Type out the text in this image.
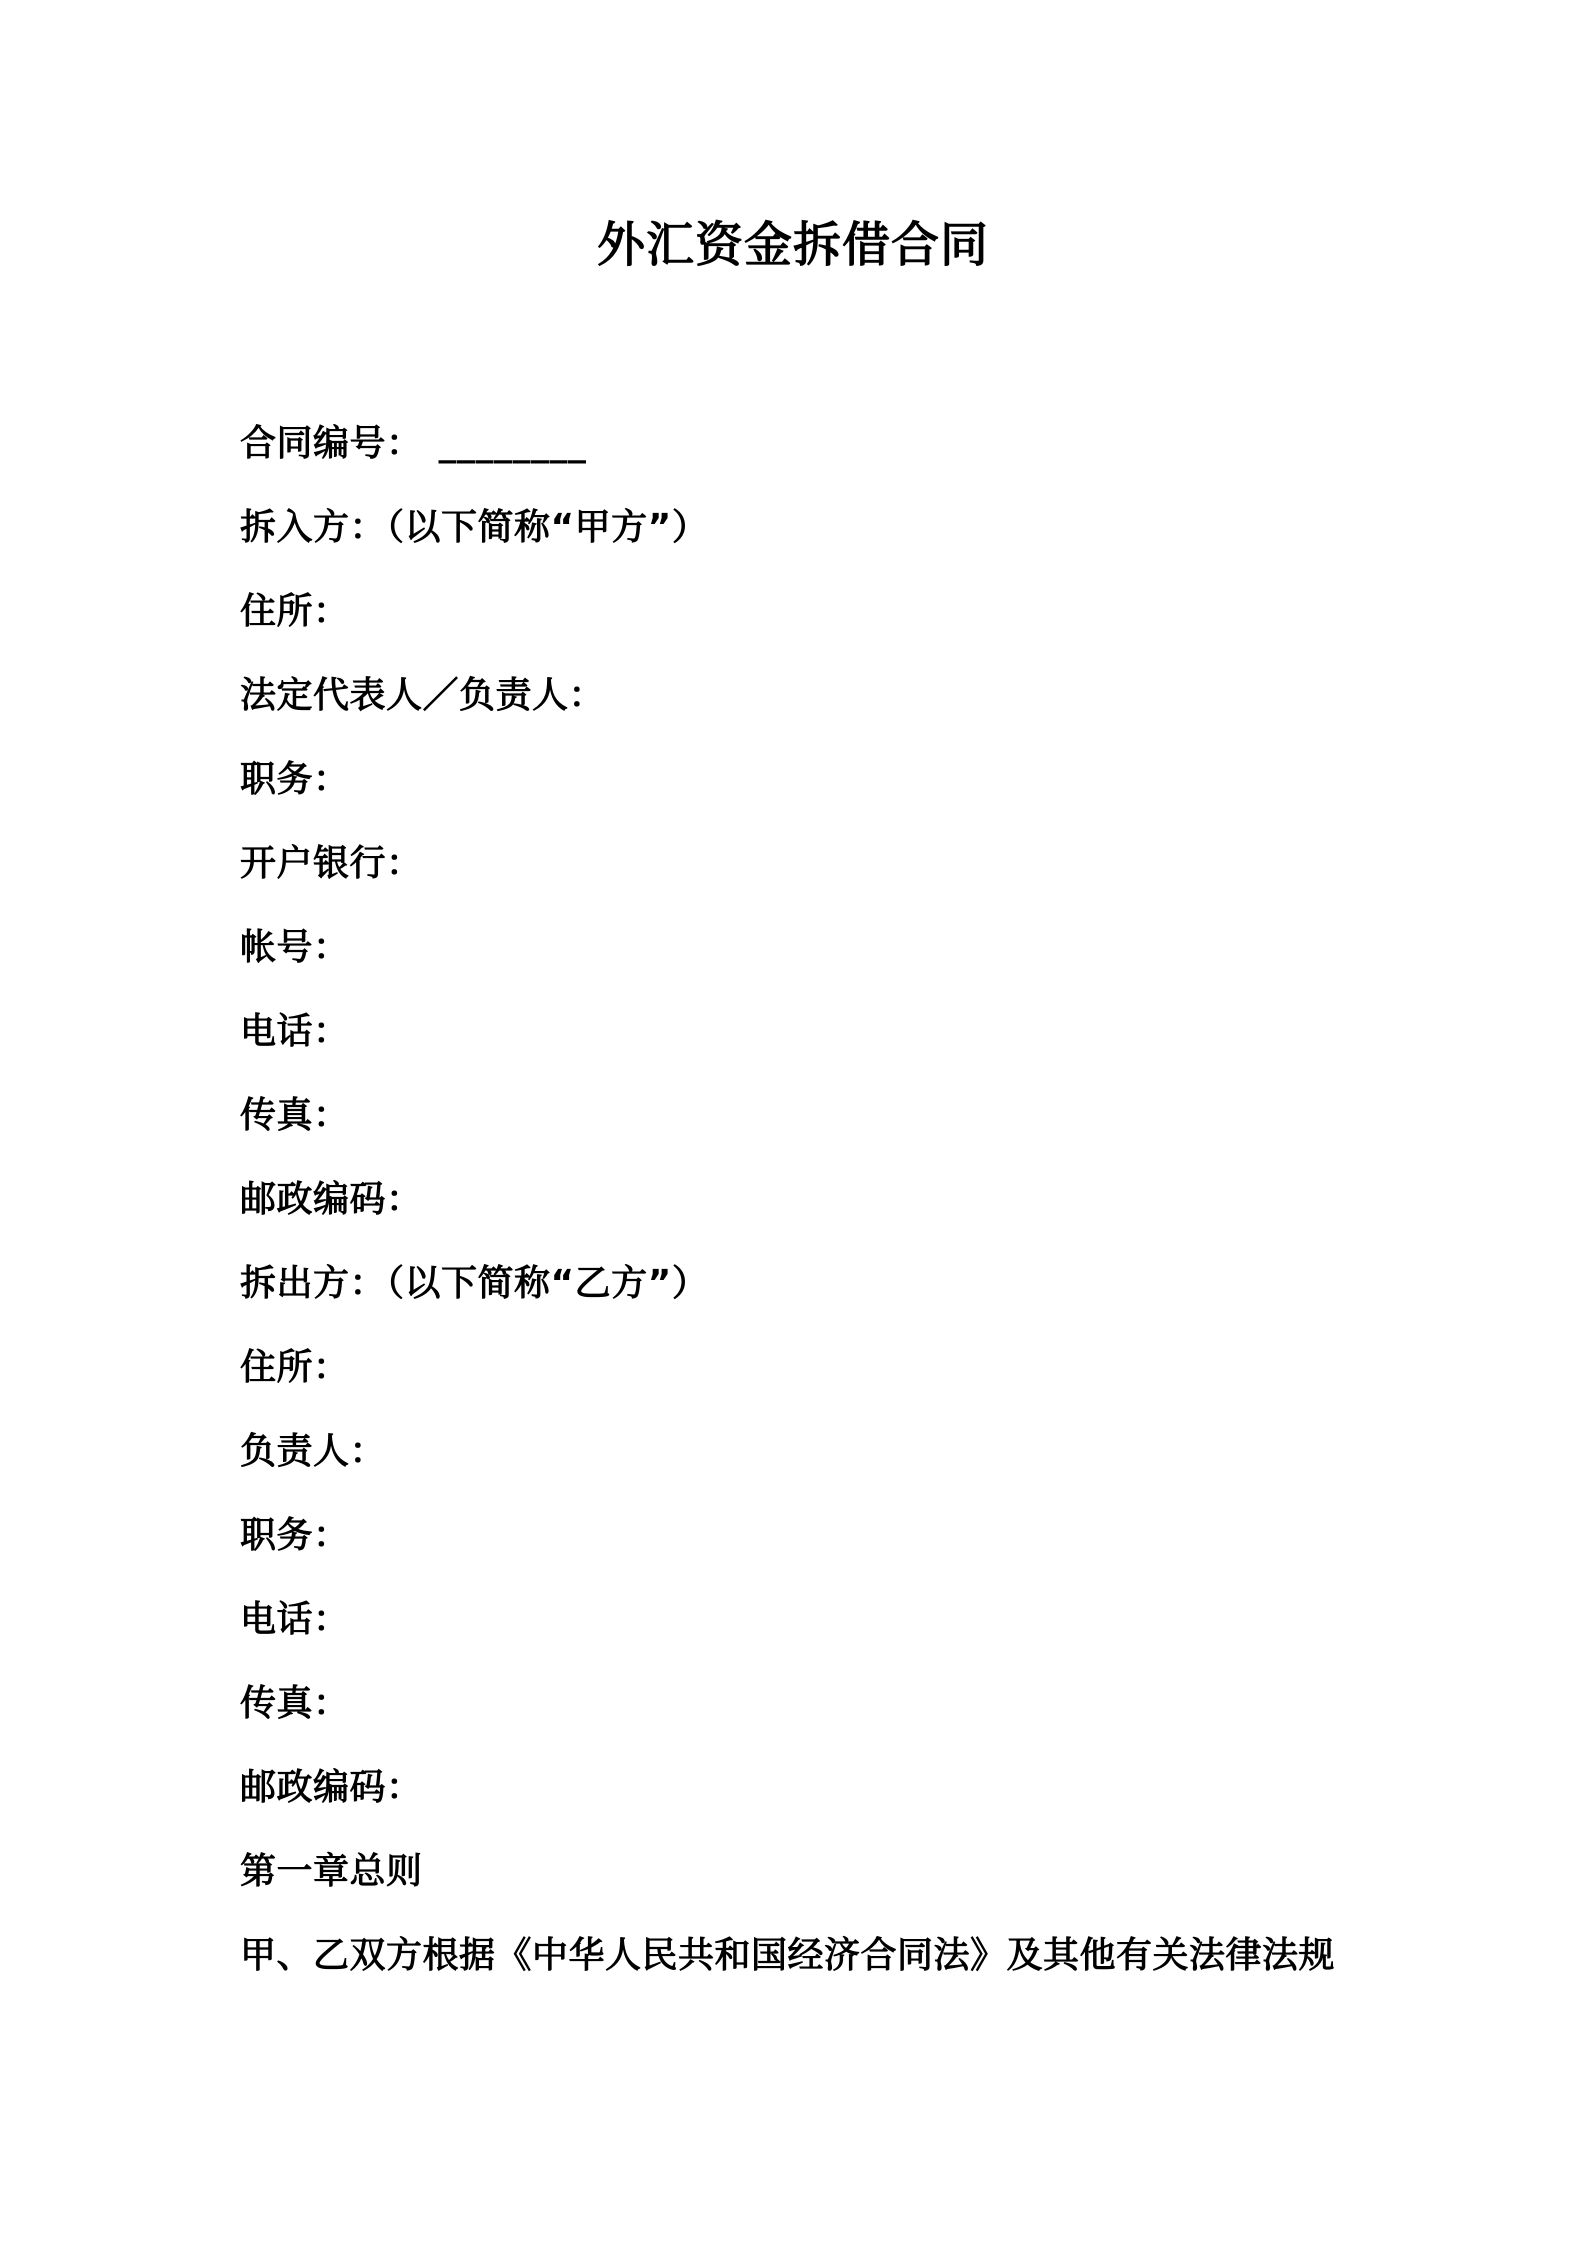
外汇资金拆借合同
合同编号： ________
拆入方：（以下简称“甲方”）
住所：
法定代表人／负责人：
职务：
开户银行：
帐号：
电话：
传真：
邮政编码：
拆出方：（以下简称“乙方”）
住所：
负责人：
职务：
电话：
传真：
邮政编码：
第一章总则
甲、乙双方根据《中华人民共和国经济合同法》及其他有关法律法规
